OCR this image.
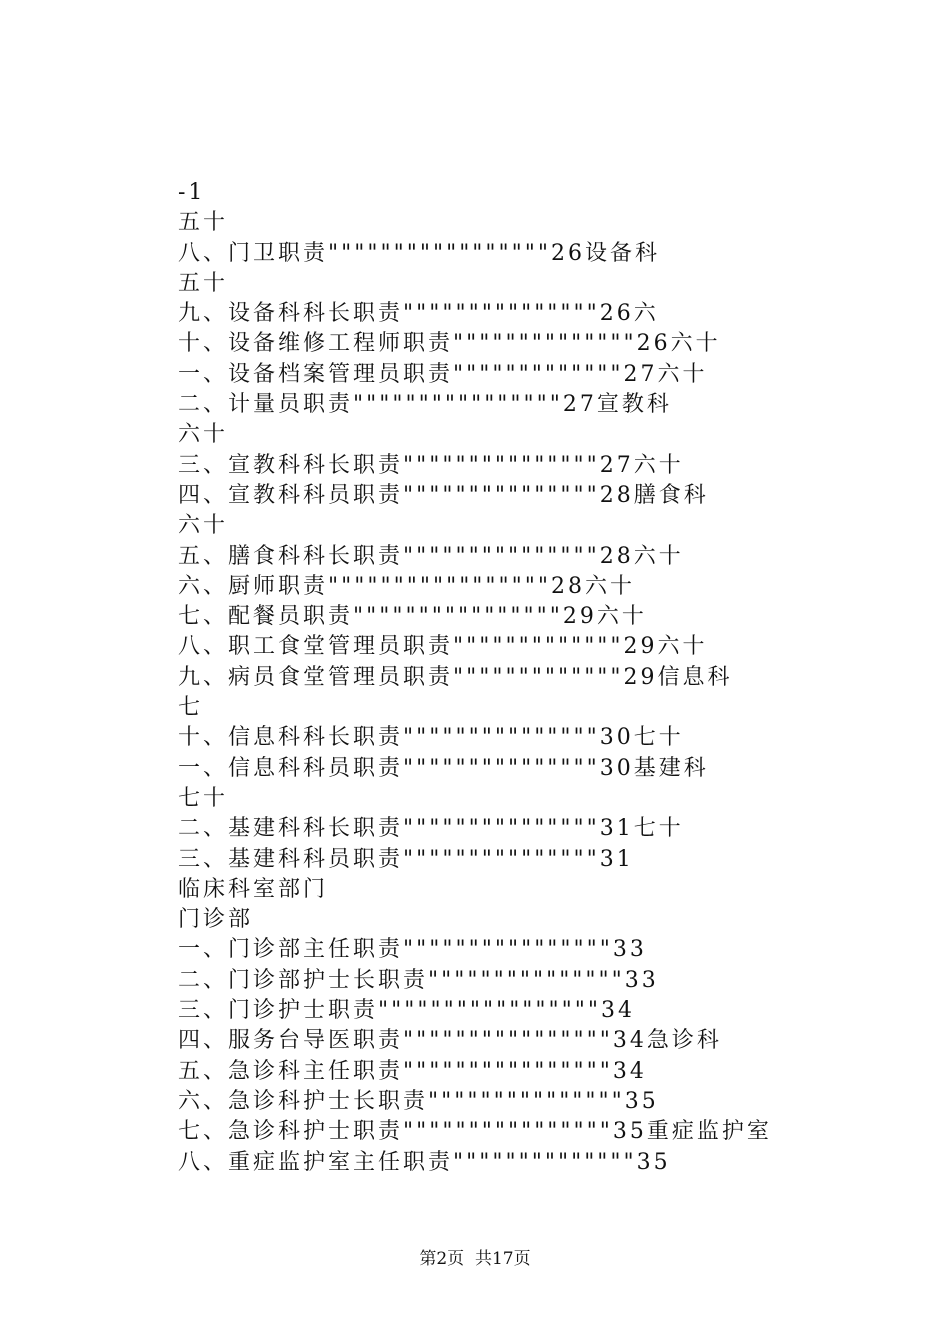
-1
五十
八、门卫职责"""""""""""""""""26设备科
五十
九、设备科科长职责"""""""""""""""26六
十、设备维修工程师职责""""""""""""""26六十
一、设备档案管理员职责"""""""""""""27六十
二、计量员职责""""""""""""""""27宣教科
六十
三、宣教科科长职责"""""""""""""""27六十
四、宣教科科员职责"""""""""""""""28膳食科
六十
五、膳食科科长职责"""""""""""""""28六十
六、厨师职责"""""""""""""""""28六十
七、配餐员职责""""""""""""""""29六十
八、职工食堂管理员职责"""""""""""""29六十
九、病员食堂管理员职责"""""""""""""29信息科
七
十、信息科科长职责"""""""""""""""30七十
一、信息科科员职责"""""""""""""""30基建科
七十
二、基建科科长职责"""""""""""""""31七十
三、基建科科员职责"""""""""""""""31
临床科室部门
门诊部
一、门诊部主任职责""""""""""""""""33
二、门诊部护士长职责"""""""""""""""33
三、门诊护士职责"""""""""""""""""34
四、服务台导医职责""""""""""""""""34急诊科
五、急诊科主任职责""""""""""""""""34
六、急诊科护士长职责"""""""""""""""35
七、急诊科护士职责""""""""""""""""35重症监护室
八、重症监护室主任职责""""""""""""""35
第2页  共17页
